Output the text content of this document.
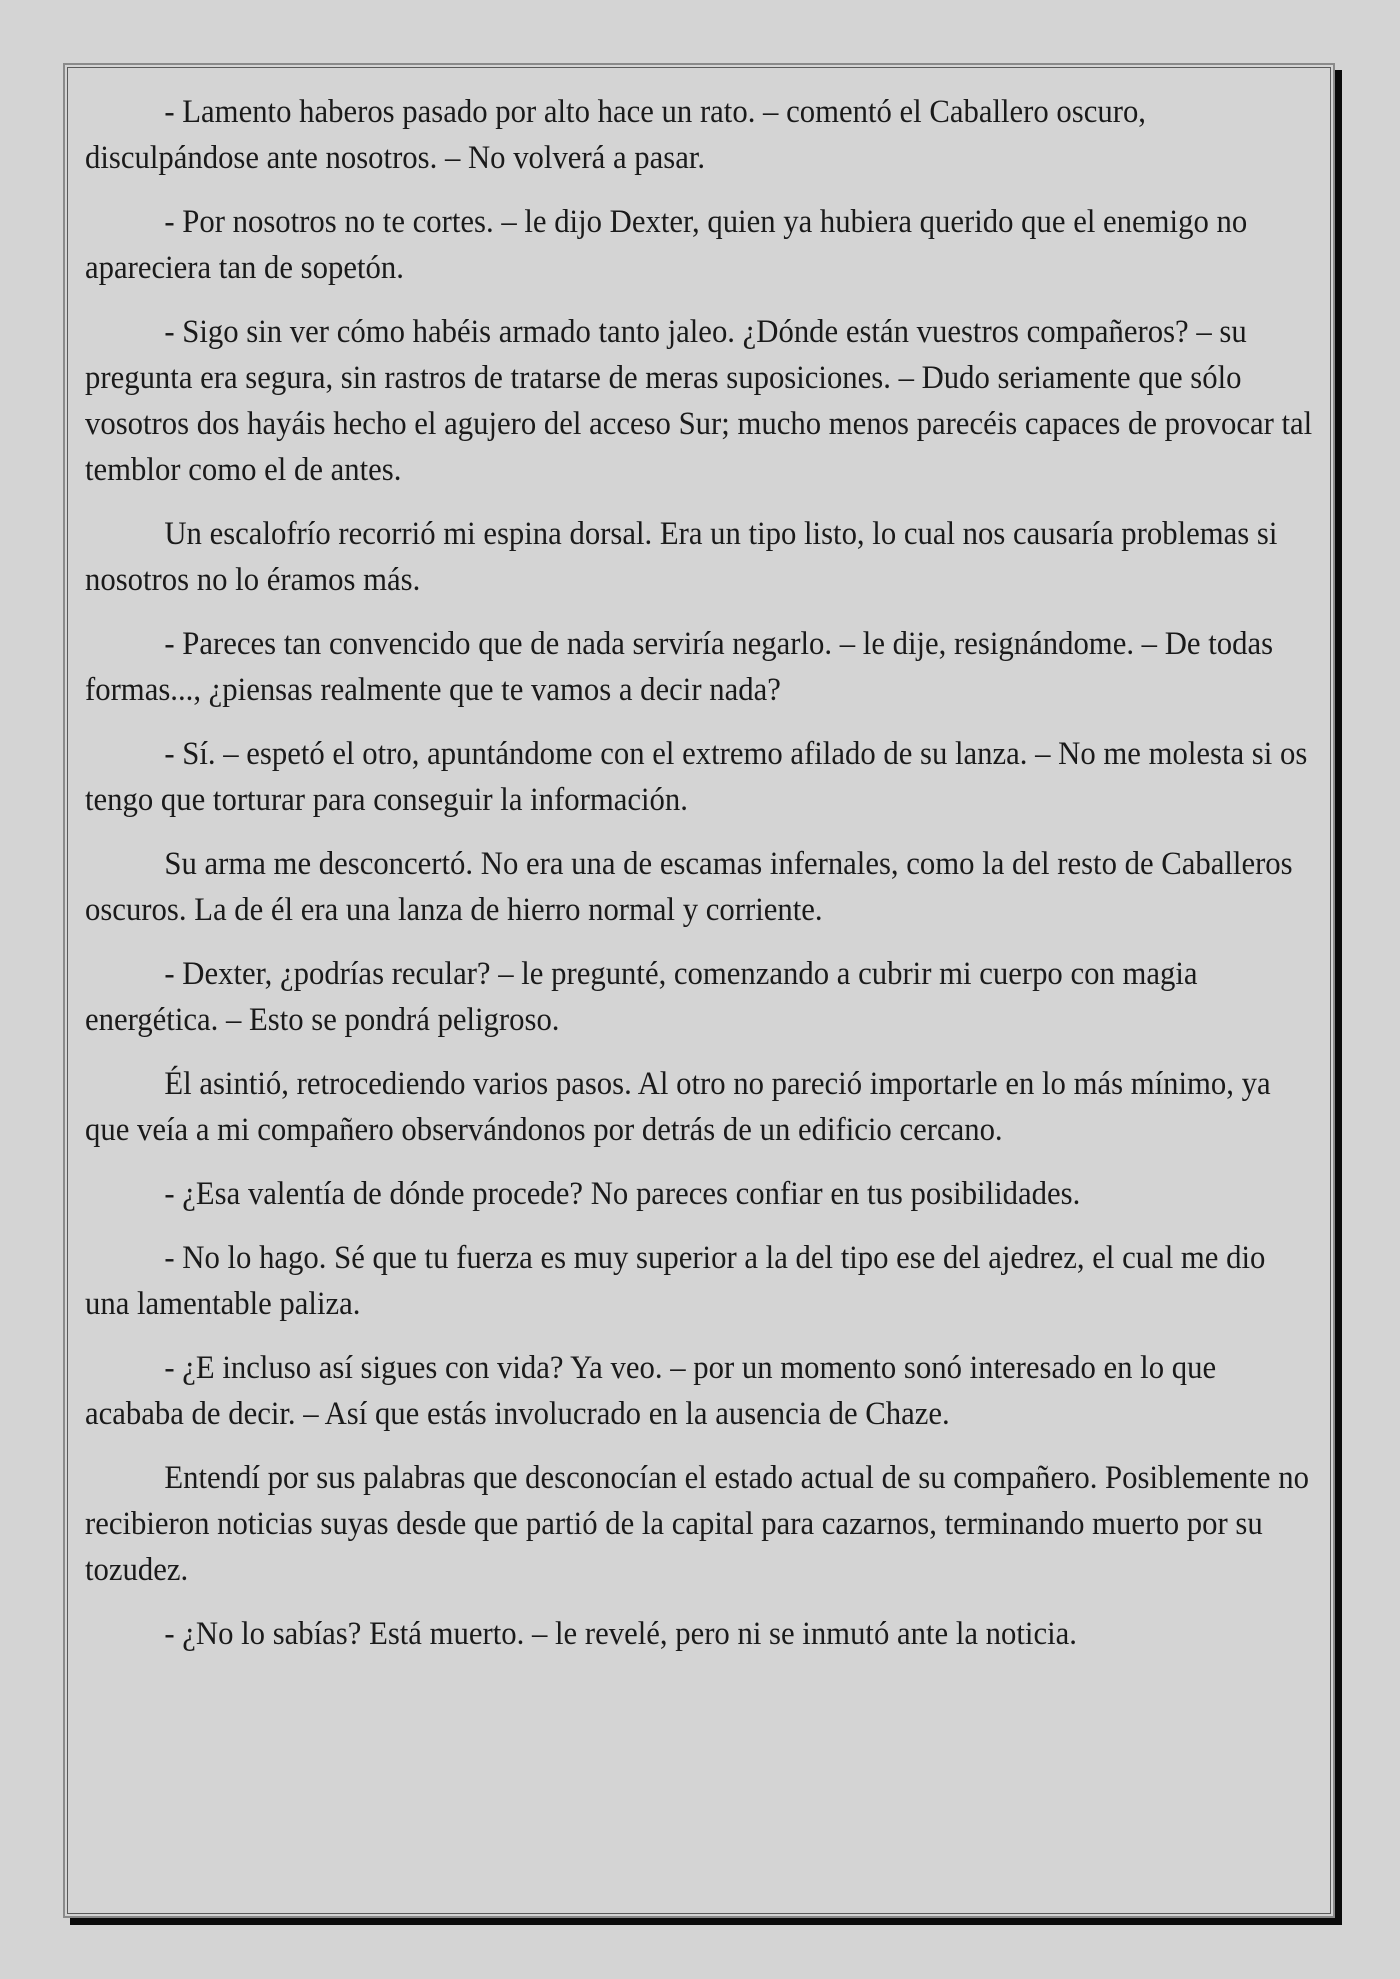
- Lamento haberos pasado por alto hace un rato. – comentó el Caballero oscuro, disculpándose ante nosotros. – No volverá a pasar.

- Por nosotros no te cortes. – le dijo Dexter, quien ya hubiera querido que el enemigo no apareciera tan de sopetón.

- Sigo sin ver cómo habéis armado tanto jaleo. ¿Dónde están vuestros compañeros? – su pregunta era segura, sin rastros de tratarse de meras suposiciones. – Dudo seriamente que sólo vosotros dos hayáis hecho el agujero del acceso Sur; mucho menos parecéis capaces de provocar tal temblor como el de antes.

Un escalofrío recorrió mi espina dorsal. Era un tipo listo, lo cual nos causaría problemas si nosotros no lo éramos más.

- Pareces tan convencido que de nada serviría negarlo. – le dije, resignándome. – De todas formas..., ¿piensas realmente que te vamos a decir nada?

- Sí. – espetó el otro, apuntándome con el extremo afilado de su lanza. – No me molesta si os tengo que torturar para conseguir la información.

Su arma me desconcertó. No era una de escamas infernales, como la del resto de Caballeros oscuros. La de él era una lanza de hierro normal y corriente.

- Dexter, ¿podrías recular? – le pregunté, comenzando a cubrir mi cuerpo con magia energética. – Esto se pondrá peligroso.

Él asintió, retrocediendo varios pasos. Al otro no pareció importarle en lo más mínimo, ya que veía a mi compañero observándonos por detrás de un edificio cercano.

- ¿Esa valentía de dónde procede? No pareces confiar en tus posibilidades.

- No lo hago. Sé que tu fuerza es muy superior a la del tipo ese del ajedrez, el cual me dio una lamentable paliza.

- ¿E incluso así sigues con vida? Ya veo. – por un momento sonó interesado en lo que acababa de decir. – Así que estás involucrado en la ausencia de Chaze.

Entendí por sus palabras que desconocían el estado actual de su compañero. Posiblemente no recibieron noticias suyas desde que partió de la capital para cazarnos, terminando muerto por su tozudez.

- ¿No lo sabías? Está muerto. – le revelé, pero ni se inmutó ante la noticia.
